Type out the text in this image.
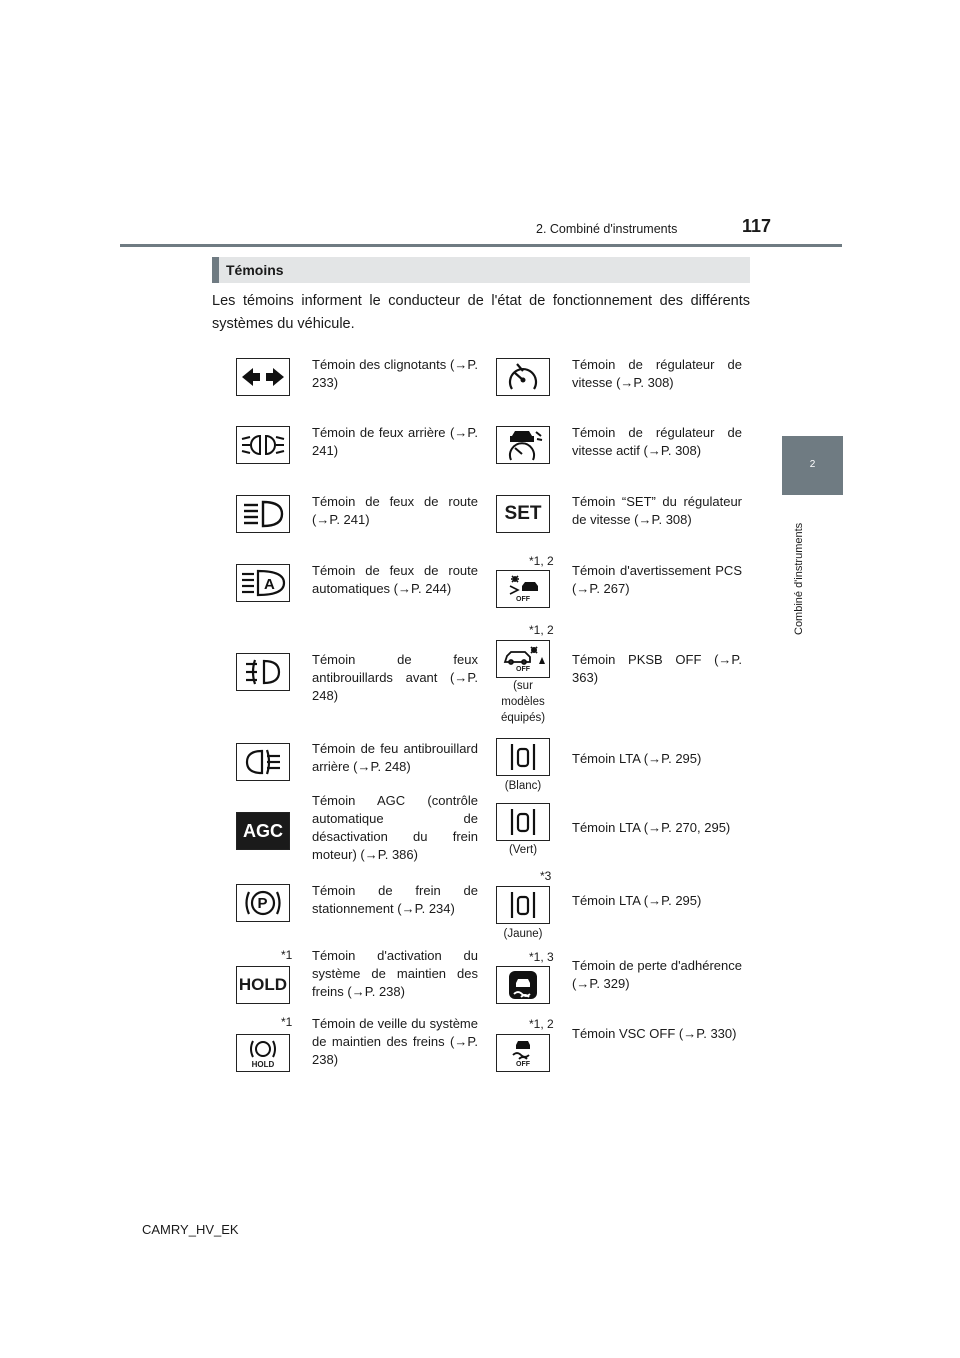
2. Combiné d'instruments	117
2
Combiné d'instruments
Témoins
Les témoins informent le conducteur de l'état de fonctionnement des différents systèmes du véhicule.
Témoin des clignotants (→P. 233)
Témoin de feux arrière (→P. 241)
Témoin de feux de route (→P. 241)
A
Témoin de feux de route automatiques (→P. 244)
Témoin de feux antibrouillards avant (→P. 248)
Témoin de feu antibrouillard arrière (→P. 248)
AGC
Témoin AGC (contrôle automatique de désactivation du frein moteur) (→P. 386)
P
Témoin de frein de stationnement (→P. 234)
*1
HOLD
Témoin d'activation du système de maintien des freins (→P. 238)
*1
HOLD
Témoin de veille du système de maintien des freins (→P. 238)
Témoin de régulateur de vitesse (→P. 308)
Témoin de régulateur de vitesse actif (→P. 308)
SET
Témoin “SET” du régulateur de vitesse (→P. 308)
*1, 2
OFF
Témoin d'avertissement PCS (→P. 267)
*1, 2
OFF
(sur modèles équipés)
Témoin PKSB OFF (→P. 363)
(Blanc)
Témoin LTA (→P. 295)
(Vert)
Témoin LTA (→P. 270, 295)
*3
(Jaune)
Témoin LTA (→P. 295)
*1, 3
Témoin de perte d'adhérence (→P. 329)
*1, 2
OFF
Témoin VSC OFF (→P. 330)
CAMRY_HV_EK
